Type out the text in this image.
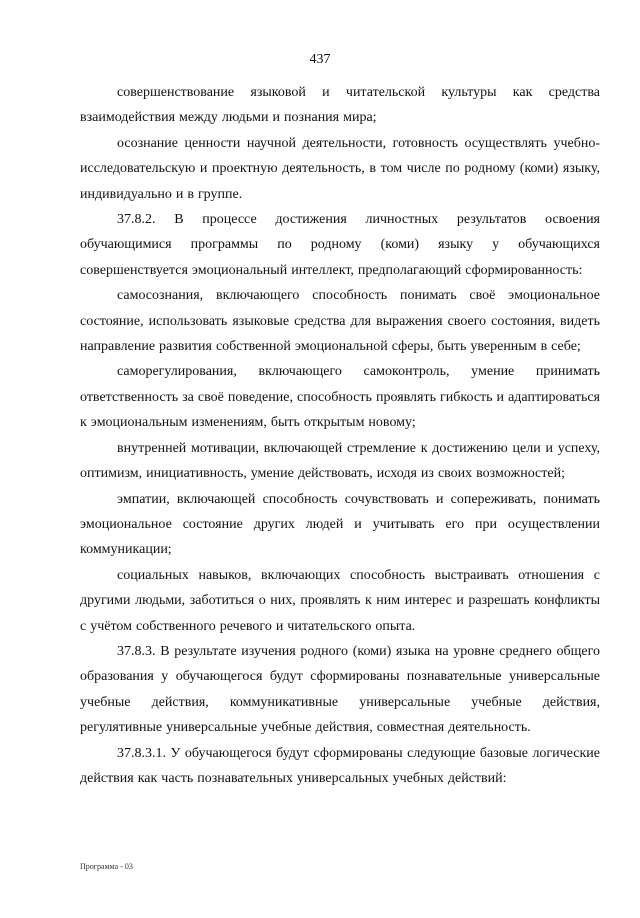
437

совершенствование языковой и читательской культуры как средства взаимодействия между людьми и познания мира;

осознание ценности научной деятельности, готовность осуществлять учебно-исследовательскую и проектную деятельность, в том числе по родному (коми) языку, индивидуально и в группе.

37.8.2. В процессе достижения личностных результатов освоения обучающимися программы по родному (коми) языку у обучающихся совершенствуется эмоциональный интеллект, предполагающий сформированность:

самосознания, включающего способность понимать своё эмоциональное состояние, использовать языковые средства для выражения своего состояния, видеть направление развития собственной эмоциональной сферы, быть уверенным в себе;

саморегулирования, включающего самоконтроль, умение принимать ответственность за своё поведение, способность проявлять гибкость и адаптироваться к эмоциональным изменениям, быть открытым новому;

внутренней мотивации, включающей стремление к достижению цели и успеху, оптимизм, инициативность, умение действовать, исходя из своих возможностей;

эмпатии, включающей способность сочувствовать и сопереживать, понимать эмоциональное состояние других людей и учитывать его при осуществлении коммуникации;

социальных навыков, включающих способность выстраивать отношения с другими людьми, заботиться о них, проявлять к ним интерес и разрешать конфликты с учётом собственного речевого и читательского опыта.

37.8.3. В результате изучения родного (коми) языка на уровне среднего общего образования у обучающегося будут сформированы познавательные универсальные учебные действия, коммуникативные универсальные учебные действия, регулятивные универсальные учебные действия, совместная деятельность.

37.8.3.1. У обучающегося будут сформированы следующие базовые логические действия как часть познавательных универсальных учебных действий:

Программа - 03
